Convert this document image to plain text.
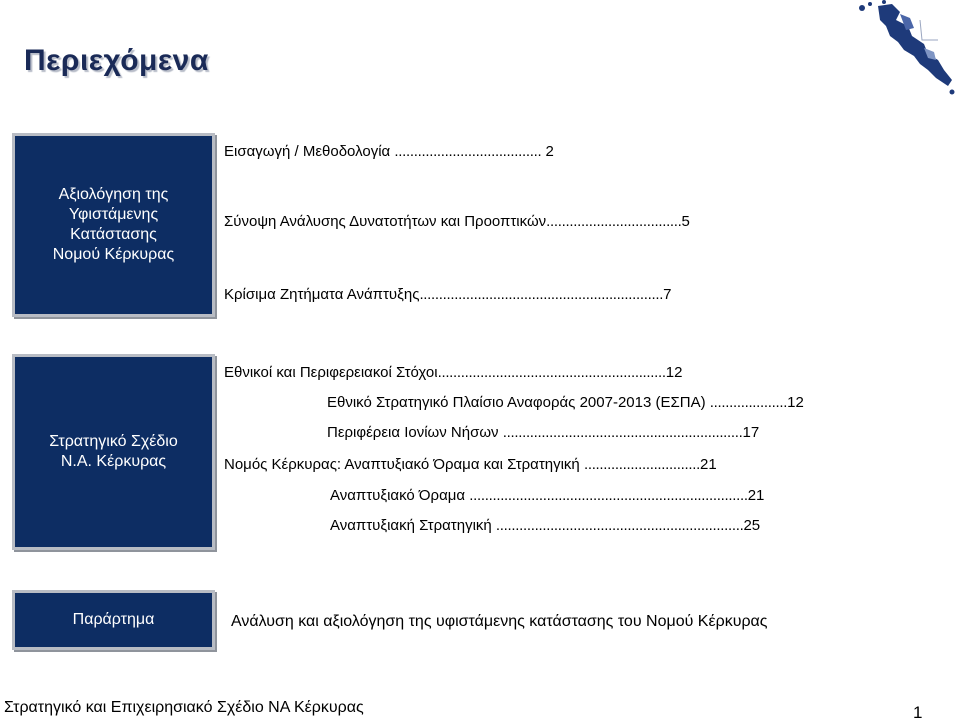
Περιεχόμενα
Αξιολόγηση της
Υφιστάμενης
Κατάστασης
Νομού Κέρκυρας
Εισαγωγή / Μεθοδολογία ...................................... 2
Σύνοψη Ανάλυσης Δυνατοτήτων και Προοπτικών...................................5
Κρίσιμα Ζητήματα Ανάπτυξης...............................................................7
Στρατηγικό Σχέδιο
Ν.Α. Κέρκυρας
Εθνικοί και Περιφερειακοί Στόχοι...........................................................12
Εθνικό Στρατηγικό Πλαίσιο Αναφοράς 2007-2013 (ΕΣΠΑ) ....................12
Περιφέρεια Ιονίων Νήσων ..............................................................17
Νομός Κέρκυρας: Αναπτυξιακό Όραμα και Στρατηγική ..............................21
Αναπτυξιακό Όραμα ........................................................................21
Αναπτυξιακή Στρατηγική ................................................................25
Παράρτημα	Ανάλυση και αξιολόγηση της υφιστάμενης κατάστασης του Νομού Κέρκυρας
Στρατηγικό και Επιχειρησιακό Σχέδιο ΝΑ Κέρκυρας	1
